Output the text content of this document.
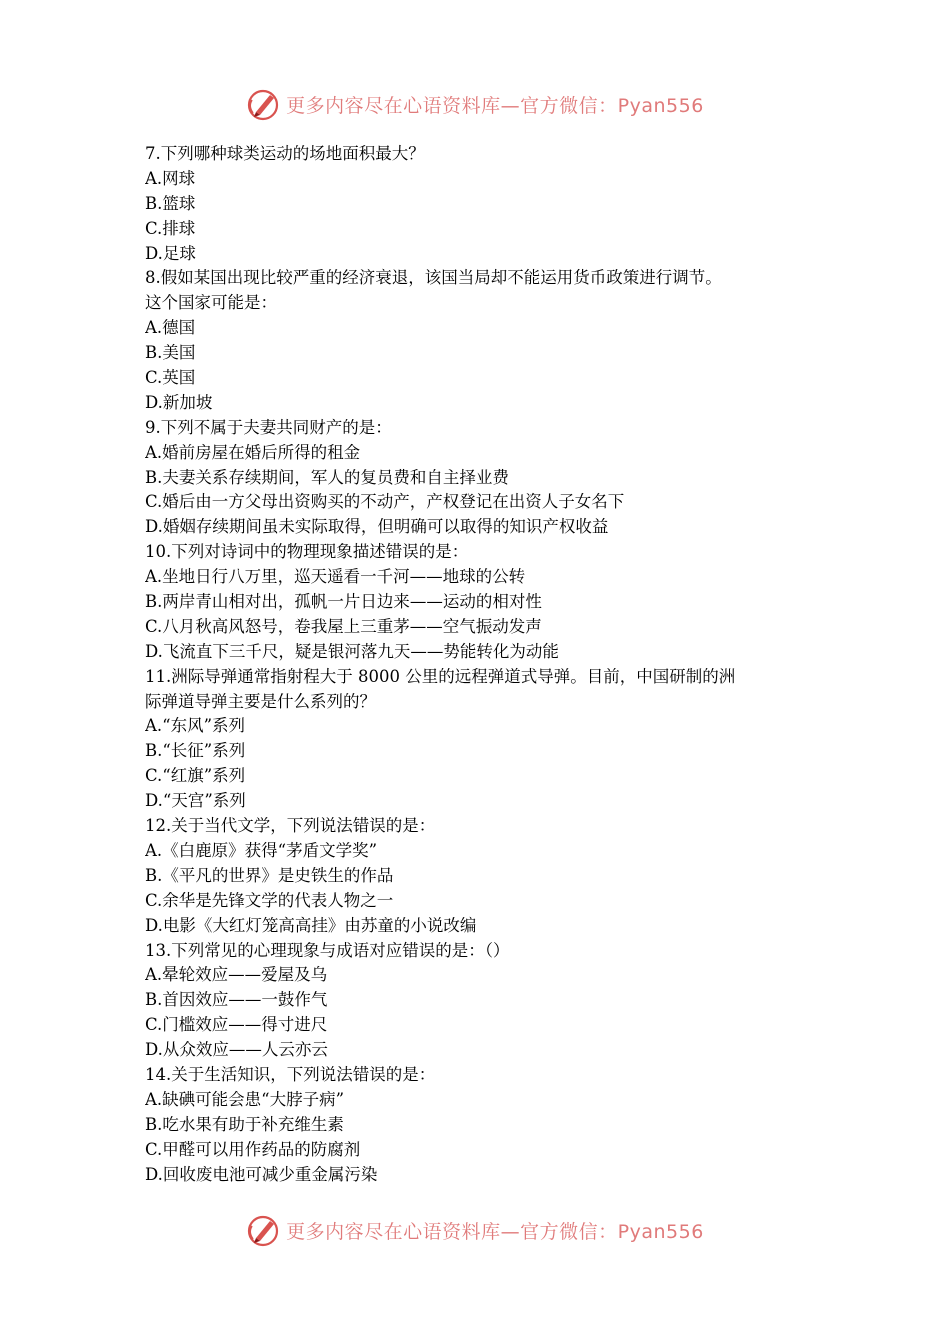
更多内容尽在心语资料库—官方微信：Pyan556
7.下列哪种球类运动的场地面积最大？
A.网球
B.篮球
C.排球
D.足球
8.假如某国出现比较严重的经济衰退，该国当局却不能运用货币政策进行调节。
这个国家可能是：
A.德国
B.美国
C.英国
D.新加坡
9.下列不属于夫妻共同财产的是：
A.婚前房屋在婚后所得的租金
B.夫妻关系存续期间，军人的复员费和自主择业费
C.婚后由一方父母出资购买的不动产，产权登记在出资人子女名下
D.婚姻存续期间虽未实际取得，但明确可以取得的知识产权收益
10.下列对诗词中的物理现象描述错误的是：
A.坐地日行八万里，巡天遥看一千河——地球的公转
B.两岸青山相对出，孤帆一片日边来——运动的相对性
C.八月秋高风怒号，卷我屋上三重茅——空气振动发声
D.飞流直下三千尺，疑是银河落九天——势能转化为动能
11.洲际导弹通常指射程大于 8000 公里的远程弹道式导弹。目前，中国研制的洲
际弹道导弹主要是什么系列的？
A.“东风”系列
B.“长征”系列
C.“红旗”系列
D.“天宫”系列
12.关于当代文学，下列说法错误的是：
A.《白鹿原》获得“茅盾文学奖”
B.《平凡的世界》是史铁生的作品
C.余华是先锋文学的代表人物之一
D.电影《大红灯笼高高挂》由苏童的小说改编
13.下列常见的心理现象与成语对应错误的是：（）
A.晕轮效应——爱屋及乌
B.首因效应——一鼓作气
C.门槛效应——得寸进尺
D.从众效应——人云亦云
14.关于生活知识，下列说法错误的是：
A.缺碘可能会患“大脖子病”
B.吃水果有助于补充维生素
C.甲醛可以用作药品的防腐剂
D.回收废电池可减少重金属污染
更多内容尽在心语资料库—官方微信：Pyan556
